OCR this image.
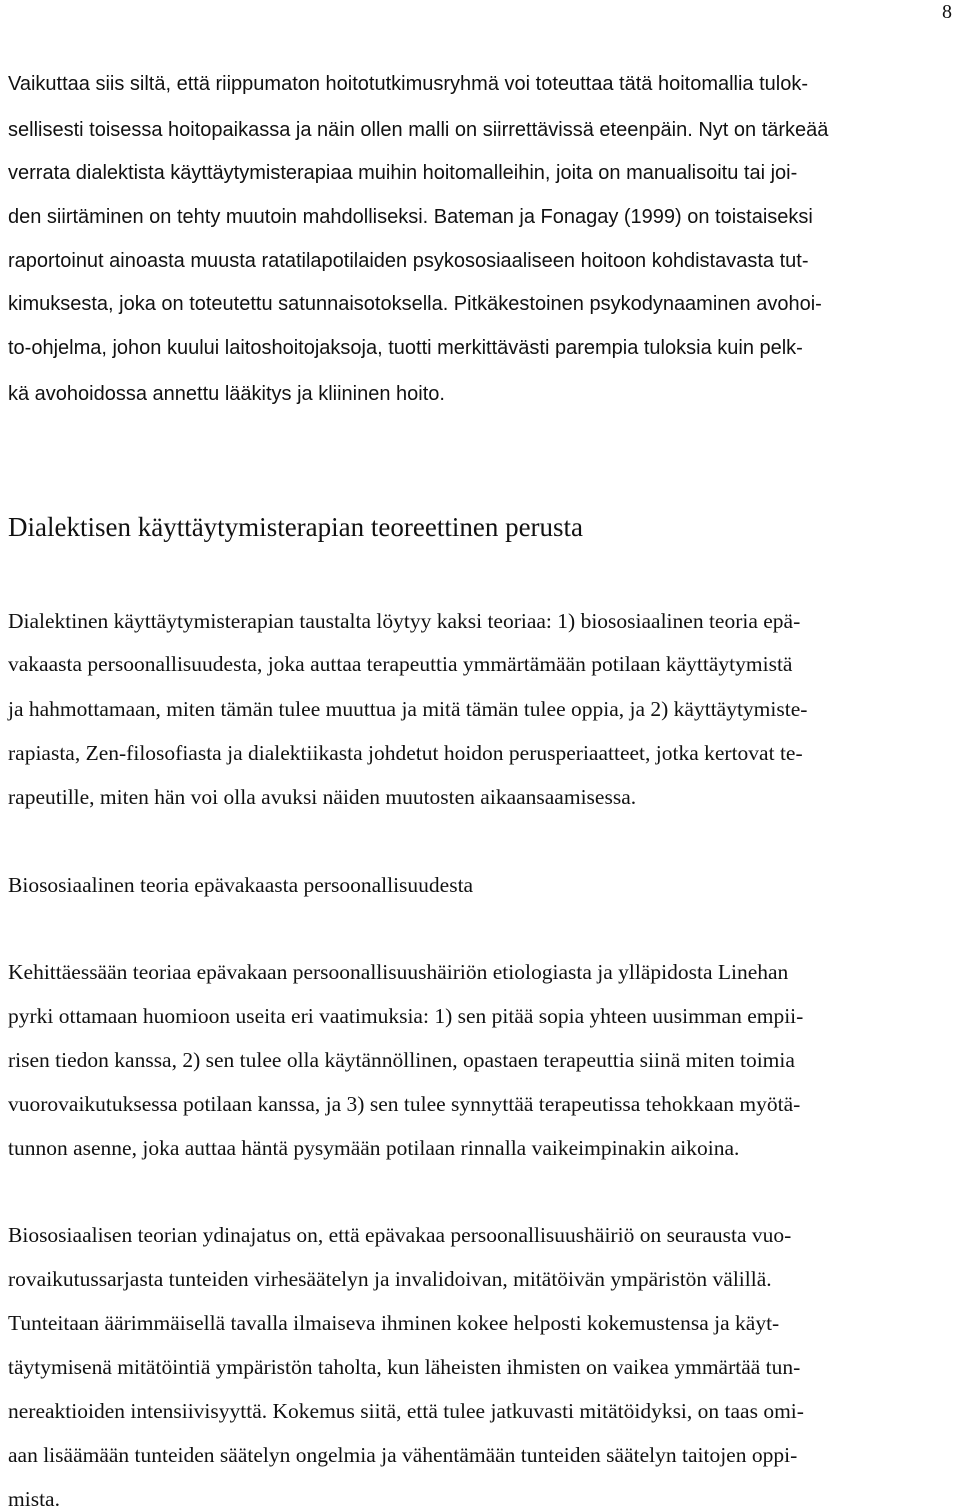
8
Vaikuttaa siis siltä, että riippumaton hoitotutkimusryhmä voi toteuttaa tätä hoitomallia tulok-
sellisesti toisessa hoitopaikassa ja näin ollen malli on siirrettävissä eteenpäin. Nyt on tärkeää
verrata dialektista käyttäytymisterapiaa muihin hoitomalleihin, joita on manualisoitu tai joi-
den siirtäminen on tehty muutoin mahdolliseksi. Bateman ja Fonagay (1999) on toistaiseksi
raportoinut ainoasta muusta ratatilapotilaiden psykososiaaliseen hoitoon kohdistavasta tut-
kimuksesta, joka on toteutettu satunnaisotoksella. Pitkäkestoinen psykodynaaminen avohoi-
to-ohjelma, johon kuului laitoshoitojaksoja, tuotti merkittävästi parempia tuloksia kuin pelk-
kä avohoidossa annettu lääkitys ja kliininen hoito.
Dialektisen käyttäytymisterapian teoreettinen perusta
Dialektinen käyttäytymisterapian taustalta löytyy kaksi teoriaa: 1) biososiaalinen teoria epä-
vakaasta persoonallisuudesta, joka auttaa terapeuttia ymmärtämään potilaan käyttäytymistä
ja hahmottamaan, miten tämän tulee muuttua ja mitä tämän tulee oppia, ja 2) käyttäytymiste-
rapiasta, Zen-filosofiasta ja dialektiikasta johdetut hoidon perusperiaatteet, jotka kertovat te-
rapeutille, miten hän voi olla avuksi näiden muutosten aikaansaamisessa.
Biososiaalinen teoria epävakaasta persoonallisuudesta
Kehittäessään teoriaa epävakaan persoonallisuushäiriön etiologiasta ja ylläpidosta Linehan
pyrki ottamaan huomioon useita eri vaatimuksia: 1) sen pitää sopia yhteen uusimman empii-
risen tiedon kanssa, 2) sen tulee olla käytännöllinen, opastaen terapeuttia siinä miten toimia
vuorovaikutuksessa potilaan kanssa, ja 3) sen tulee synnyttää terapeutissa tehokkaan myötä-
tunnon asenne, joka auttaa häntä pysymään potilaan rinnalla vaikeimpinakin aikoina.
Biososiaalisen teorian ydinajatus on, että epävakaa persoonallisuushäiriö on seurausta vuo-
rovaikutussarjasta tunteiden virhesäätelyn ja invalidoivan, mitätöivän ympäristön välillä.
Tunteitaan äärimmäisellä tavalla ilmaiseva ihminen kokee helposti kokemustensa ja käyt-
täytymisenä mitätöintiä ympäristön taholta, kun läheisten ihmisten on vaikea ymmärtää tun-
nereaktioiden intensiivisyyttä. Kokemus siitä, että tulee jatkuvasti mitätöidyksi, on taas omi-
aan lisäämään tunteiden säätelyn ongelmia ja vähentämään tunteiden säätelyn taitojen oppi-
mista.
